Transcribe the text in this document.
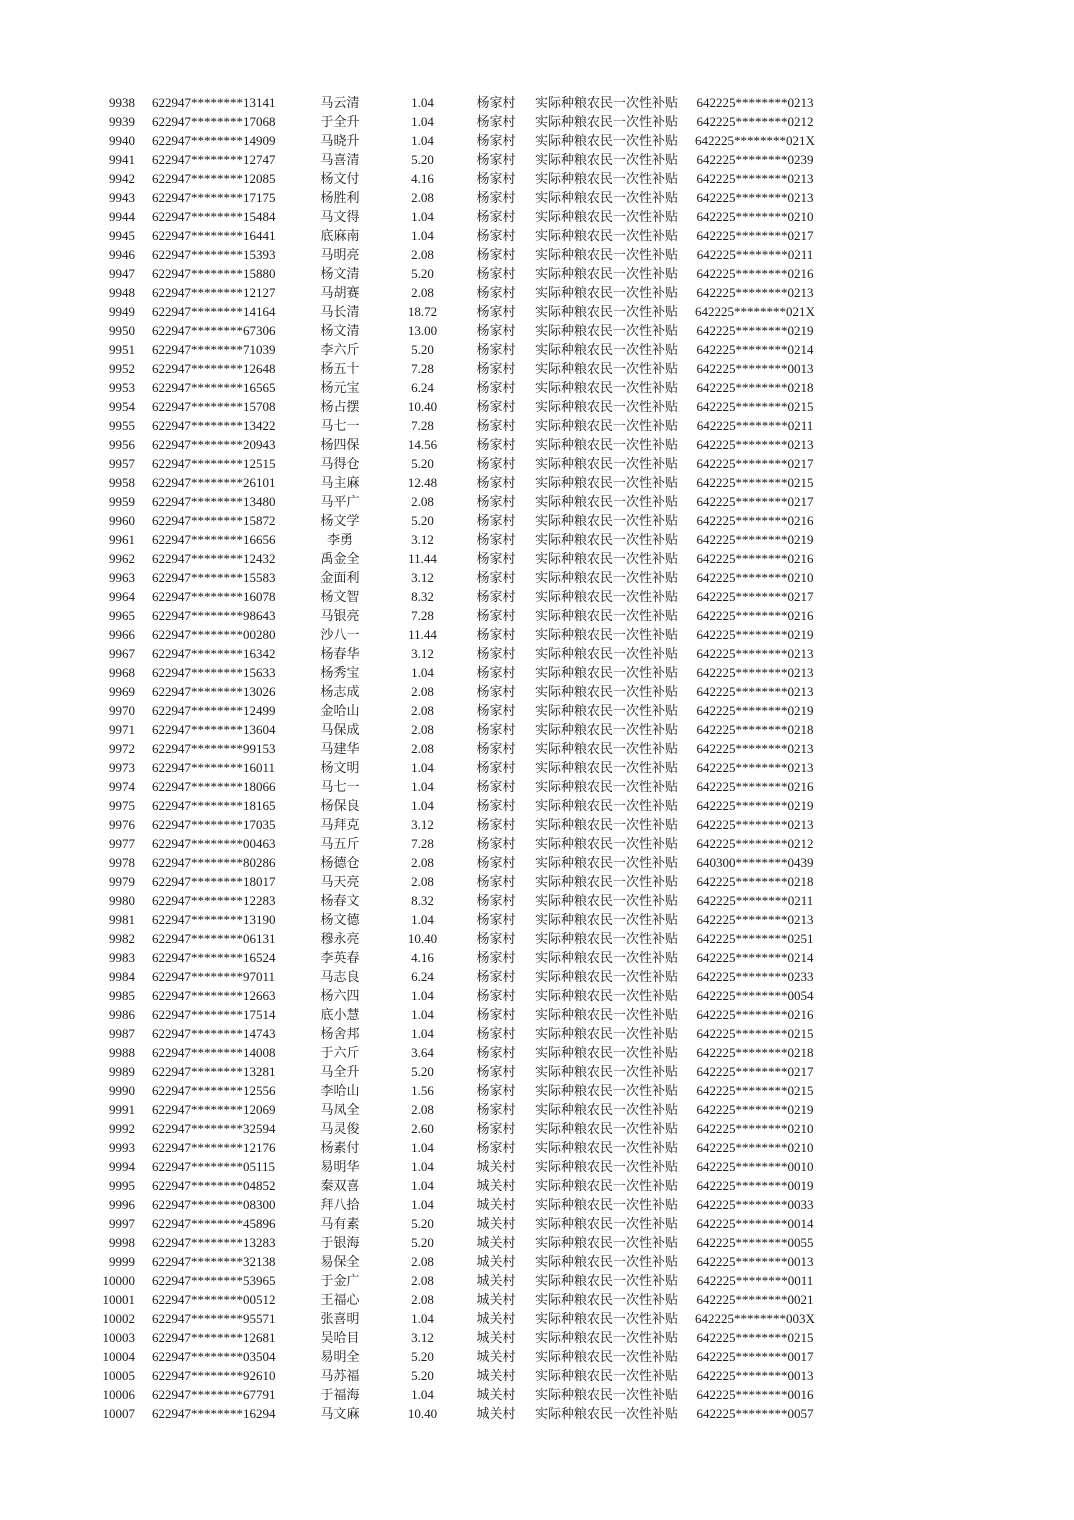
9938 622947********13141	马云清	1.04	杨家村	实际种粮农民一次性补贴	642225********0213
9939 622947********17068	于全升	1.04	杨家村	实际种粮农民一次性补贴	642225********0212
9940 622947********14909	马晓升	1.04	杨家村	实际种粮农民一次性补贴	642225********021X
9941 622947********12747	马喜清	5.20	杨家村	实际种粮农民一次性补贴	642225********0239
9942 622947********12085	杨文付	4.16	杨家村	实际种粮农民一次性补贴	642225********0213
9943 622947********17175	杨胜利	2.08	杨家村	实际种粮农民一次性补贴	642225********0213
9944 622947********15484	马文得	1.04	杨家村	实际种粮农民一次性补贴	642225********0210
9945 622947********16441	底麻南	1.04	杨家村	实际种粮农民一次性补贴	642225********0217
9946 622947********15393	马明亮	2.08	杨家村	实际种粮农民一次性补贴	642225********0211
9947 622947********15880	杨文清	5.20	杨家村	实际种粮农民一次性补贴	642225********0216
9948 622947********12127	马胡赛	2.08	杨家村	实际种粮农民一次性补贴	642225********0213
9949 622947********14164	马长清	18.72	杨家村	实际种粮农民一次性补贴	642225********021X
9950 622947********67306	杨文清	13.00	杨家村	实际种粮农民一次性补贴	642225********0219
9951 622947********71039	李六斤	5.20	杨家村	实际种粮农民一次性补贴	642225********0214
9952 622947********12648	杨五十	7.28	杨家村	实际种粮农民一次性补贴	642225********0013
9953 622947********16565	杨元宝	6.24	杨家村	实际种粮农民一次性补贴	642225********0218
9954 622947********15708	杨占摆	10.40	杨家村	实际种粮农民一次性补贴	642225********0215
9955 622947********13422	马七一	7.28	杨家村	实际种粮农民一次性补贴	642225********0211
9956 622947********20943	杨四保	14.56	杨家村	实际种粮农民一次性补贴	642225********0213
9957 622947********12515	马得仓	5.20	杨家村	实际种粮农民一次性补贴	642225********0217
9958 622947********26101	马主麻	12.48	杨家村	实际种粮农民一次性补贴	642225********0215
9959 622947********13480	马平广	2.08	杨家村	实际种粮农民一次性补贴	642225********0217
9960 622947********15872	杨文学	5.20	杨家村	实际种粮农民一次性补贴	642225********0216
9961 622947********16656	李勇	3.12	杨家村	实际种粮农民一次性补贴	642225********0219
9962 622947********12432	禹金全	11.44	杨家村	实际种粮农民一次性补贴	642225********0216
9963 622947********15583	金面利	3.12	杨家村	实际种粮农民一次性补贴	642225********0210
9964 622947********16078	杨文智	8.32	杨家村	实际种粮农民一次性补贴	642225********0217
9965 622947********98643	马银亮	7.28	杨家村	实际种粮农民一次性补贴	642225********0216
9966 622947********00280	沙八一	11.44	杨家村	实际种粮农民一次性补贴	642225********0219
9967 622947********16342	杨春华	3.12	杨家村	实际种粮农民一次性补贴	642225********0213
9968 622947********15633	杨秀宝	1.04	杨家村	实际种粮农民一次性补贴	642225********0213
9969 622947********13026	杨志成	2.08	杨家村	实际种粮农民一次性补贴	642225********0213
9970 622947********12499	金哈山	2.08	杨家村	实际种粮农民一次性补贴	642225********0219
9971 622947********13604	马保成	2.08	杨家村	实际种粮农民一次性补贴	642225********0218
9972 622947********99153	马建华	2.08	杨家村	实际种粮农民一次性补贴	642225********0213
9973 622947********16011	杨文明	1.04	杨家村	实际种粮农民一次性补贴	642225********0213
9974 622947********18066	马七一	1.04	杨家村	实际种粮农民一次性补贴	642225********0216
9975 622947********18165	杨保良	1.04	杨家村	实际种粮农民一次性补贴	642225********0219
9976 622947********17035	马拜克	3.12	杨家村	实际种粮农民一次性补贴	642225********0213
9977 622947********00463	马五斤	7.28	杨家村	实际种粮农民一次性补贴	642225********0212
9978 622947********80286	杨德仓	2.08	杨家村	实际种粮农民一次性补贴	640300********0439
9979 622947********18017	马天亮	2.08	杨家村	实际种粮农民一次性补贴	642225********0218
9980 622947********12283	杨春文	8.32	杨家村	实际种粮农民一次性补贴	642225********0211
9981 622947********13190	杨文德	1.04	杨家村	实际种粮农民一次性补贴	642225********0213
9982 622947********06131	穆永亮	10.40	杨家村	实际种粮农民一次性补贴	642225********0251
9983 622947********16524	李英春	4.16	杨家村	实际种粮农民一次性补贴	642225********0214
9984 622947********97011	马志良	6.24	杨家村	实际种粮农民一次性补贴	642225********0233
9985 622947********12663	杨六四	1.04	杨家村	实际种粮农民一次性补贴	642225********0054
9986 622947********17514	底小慧	1.04	杨家村	实际种粮农民一次性补贴	642225********0216
9987 622947********14743	杨舍邦	1.04	杨家村	实际种粮农民一次性补贴	642225********0215
9988 622947********14008	于六斤	3.64	杨家村	实际种粮农民一次性补贴	642225********0218
9989 622947********13281	马全升	5.20	杨家村	实际种粮农民一次性补贴	642225********0217
9990 622947********12556	李哈山	1.56	杨家村	实际种粮农民一次性补贴	642225********0215
9991 622947********12069	马凤全	2.08	杨家村	实际种粮农民一次性补贴	642225********0219
9992 622947********32594	马灵俊	2.60	杨家村	实际种粮农民一次性补贴	642225********0210
9993 622947********12176	杨素付	1.04	杨家村	实际种粮农民一次性补贴	642225********0210
9994 622947********05115	易明华	1.04	城关村	实际种粮农民一次性补贴	642225********0010
9995 622947********04852	秦双喜	1.04	城关村	实际种粮农民一次性补贴	642225********0019
9996 622947********08300	拜八拾	1.04	城关村	实际种粮农民一次性补贴	642225********0033
9997 622947********45896	马有素	5.20	城关村	实际种粮农民一次性补贴	642225********0014
9998 622947********13283	于银海	5.20	城关村	实际种粮农民一次性补贴	642225********0055
9999 622947********32138	易保全	2.08	城关村	实际种粮农民一次性补贴	642225********0013
10000 622947********53965	于金广	2.08	城关村	实际种粮农民一次性补贴	642225********0011
10001 622947********00512	王福心	2.08	城关村	实际种粮农民一次性补贴	642225********0021
10002 622947********95571	张喜明	1.04	城关村	实际种粮农民一次性补贴	642225********003X
10003 622947********12681	吴哈目	3.12	城关村	实际种粮农民一次性补贴	642225********0215
10004 622947********03504	易明全	5.20	城关村	实际种粮农民一次性补贴	642225********0017
10005 622947********92610	马苏福	5.20	城关村	实际种粮农民一次性补贴	642225********0013
10006 622947********67791	于福海	1.04	城关村	实际种粮农民一次性补贴	642225********0016
10007 622947********16294	马文麻	10.40	城关村	实际种粮农民一次性补贴	642225********0057
